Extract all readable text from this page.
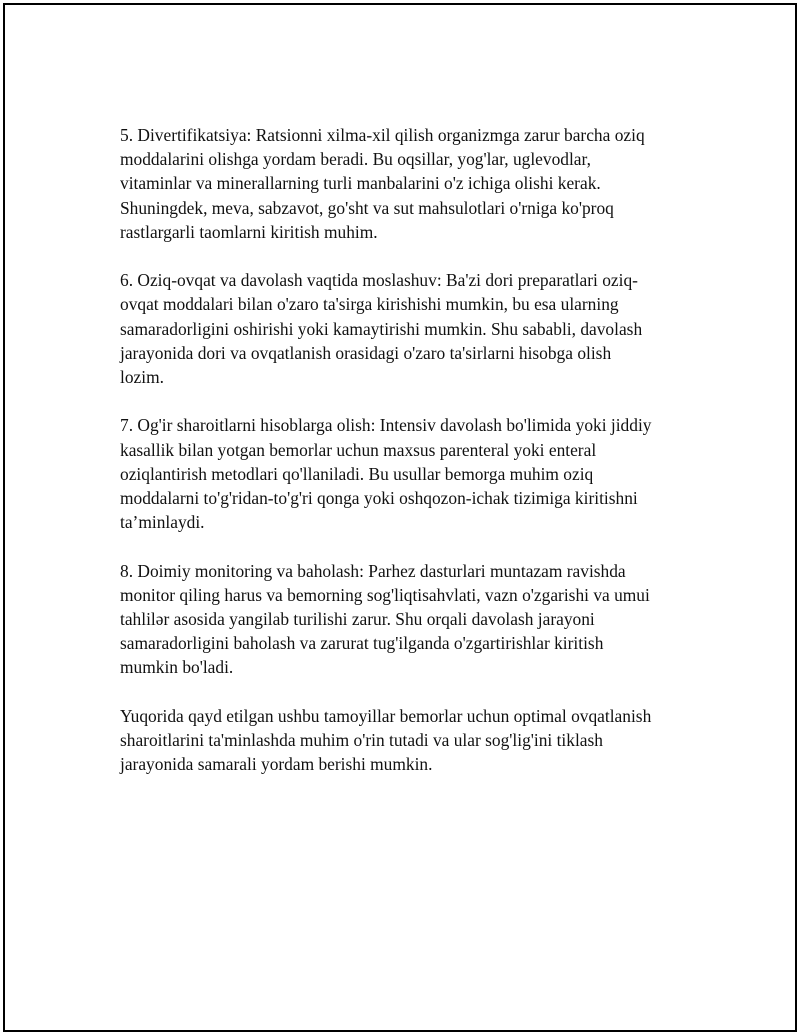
5. Divertifikatsiya: Ratsionni xilma-xil qilish organizmga zarur barcha oziq
moddalarini olishga yordam beradi. Bu oqsillar, yog'lar, uglevodlar,
vitaminlar va minerallarning turli manbalarini o'z ichiga olishi kerak.
Shuningdek, meva, sabzavot, go'sht va sut mahsulotlari o'rniga ko'proq
rastlargarli taomlarni kiritish muhim.

6. Oziq-ovqat va davolash vaqtida moslashuv: Ba'zi dori preparatlari oziq-
ovqat moddalari bilan o'zaro ta'sirga kirishishi mumkin, bu esa ularning
samaradorligini oshirishi yoki kamaytirishi mumkin. Shu sababli, davolash
jarayonida dori va ovqatlanish orasidagi o'zaro ta'sirlarni hisobga olish
lozim.

7. Og'ir sharoitlarni hisoblarga olish: Intensiv davolash bo'limida yoki jiddiy
kasallik bilan yotgan bemorlar uchun maxsus parenteral yoki enteral
oziqlantirish metodlari qo'llaniladi. Bu usullar bemorga muhim oziq
moddalarni to'g'ridan-to'g'ri qonga yoki oshqozon-ichak tizimiga kiritishni
ta’minlaydi.

8. Doimiy monitoring va baholash: Parhez dasturlari muntazam ravishda
monitor qiling harus va bemorning sog'liqtisahvlati, vazn o'zgarishi va umui
tahlilər asosida yangilab turilishi zarur. Shu orqali davolash jarayoni
samaradorligini baholash va zarurat tug'ilganda o'zgartirishlar kiritish
mumkin bo'ladi.

Yuqorida qayd etilgan ushbu tamoyillar bemorlar uchun optimal ovqatlanish
sharoitlarini ta'minlashda muhim o'rin tutadi va ular sog'lig'ini tiklash
jarayonida samarali yordam berishi mumkin.
